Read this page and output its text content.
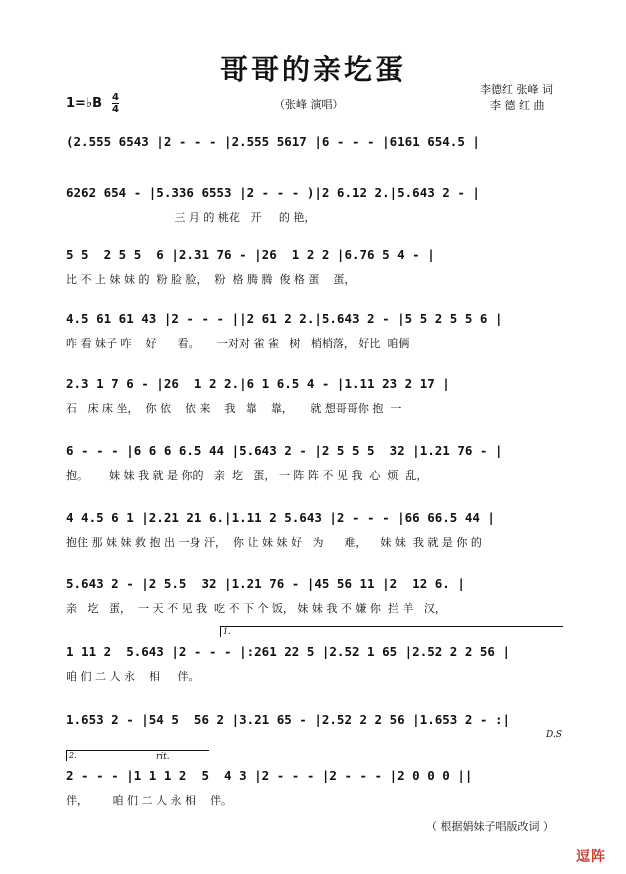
哥哥的亲圪蛋
1=♭B $\frac{4}{4}$	（张峰 演唱）
李德红 张峰 词
李 德 红 曲
(2.555 6543 |2 - - - |2.555 5617 |6 - - - |6161 654.5 |
6262 654 - |5.336 6553 |2 - - - )|2 6.12 2.|5.643 2 - |
三 月 的 桃花   开     的 艳，
5 5  2 5 5  6 |2.31 76 - |26  1 2 2 |6.76 5 4 - |
比 不 上 妹 妹 的  粉 脸 脸，  粉  格 腾 腾  俊 格 蛋    蛋，
4.5 61 61 43 |2 - - - ||2 61 2 2.|5.643 2 - |5 5 2 5 5 6 |
咋 看 妹子 咋    好      看。     一对对 雀 雀   树   梢梢落， 好比  咱俩
2.3 1 7 6 - |26  1 2 2.|6 1 6.5 4 - |1.11 23 2 17 |
石   床 床 坐，  你 依    依 来    我   靠    靠，     就 想哥哥你 抱  一
6 - - - |6 6 6 6.5 44 |5.643 2 - |2 5 5 5  32 |1.21 76 - |
抱。      妹 妹 我 就 是 你的   亲  圪   蛋， 一 阵 阵 不 见 我  心  烦  乱，
4 4.5 6 1 |2.21 21 6.|1.11 2 5.643 |2 - - - |66 66.5 44 |
抱住 那 妹 妹 救 抱 出 一身 汗，  你 让 妹 妹 好   为      难，    妹 妹  我 就 是 你 的
5.643 2 - |2 5.5  32 |1.21 76 - |45 56 11 |2  12 6. |
亲   圪   蛋，  一 天 不 见 我  吃 不 下 个 饭， 妹 妹 我 不 嫌 你  拦 羊   汉，
1 11 2  5.643 |2 - - - |:261 22 5 |2.52 1 65 |2.52 2 2 56 |
咱 们 二 人 永    相     伴。
1.
1.653 2 - |54 5  56 2 |3.21 65 - |2.52 2 2 56 |1.653 2 - :|
D.S
2 - - - |1 1 1 2  5  4 3 |2 - - - |2 - - - |2 0 0 0 ||
伴，       咱 们 二 人 永 相    伴。
2.	rit.
（ 根据娟妹子唱版改词 ）
逗阵
